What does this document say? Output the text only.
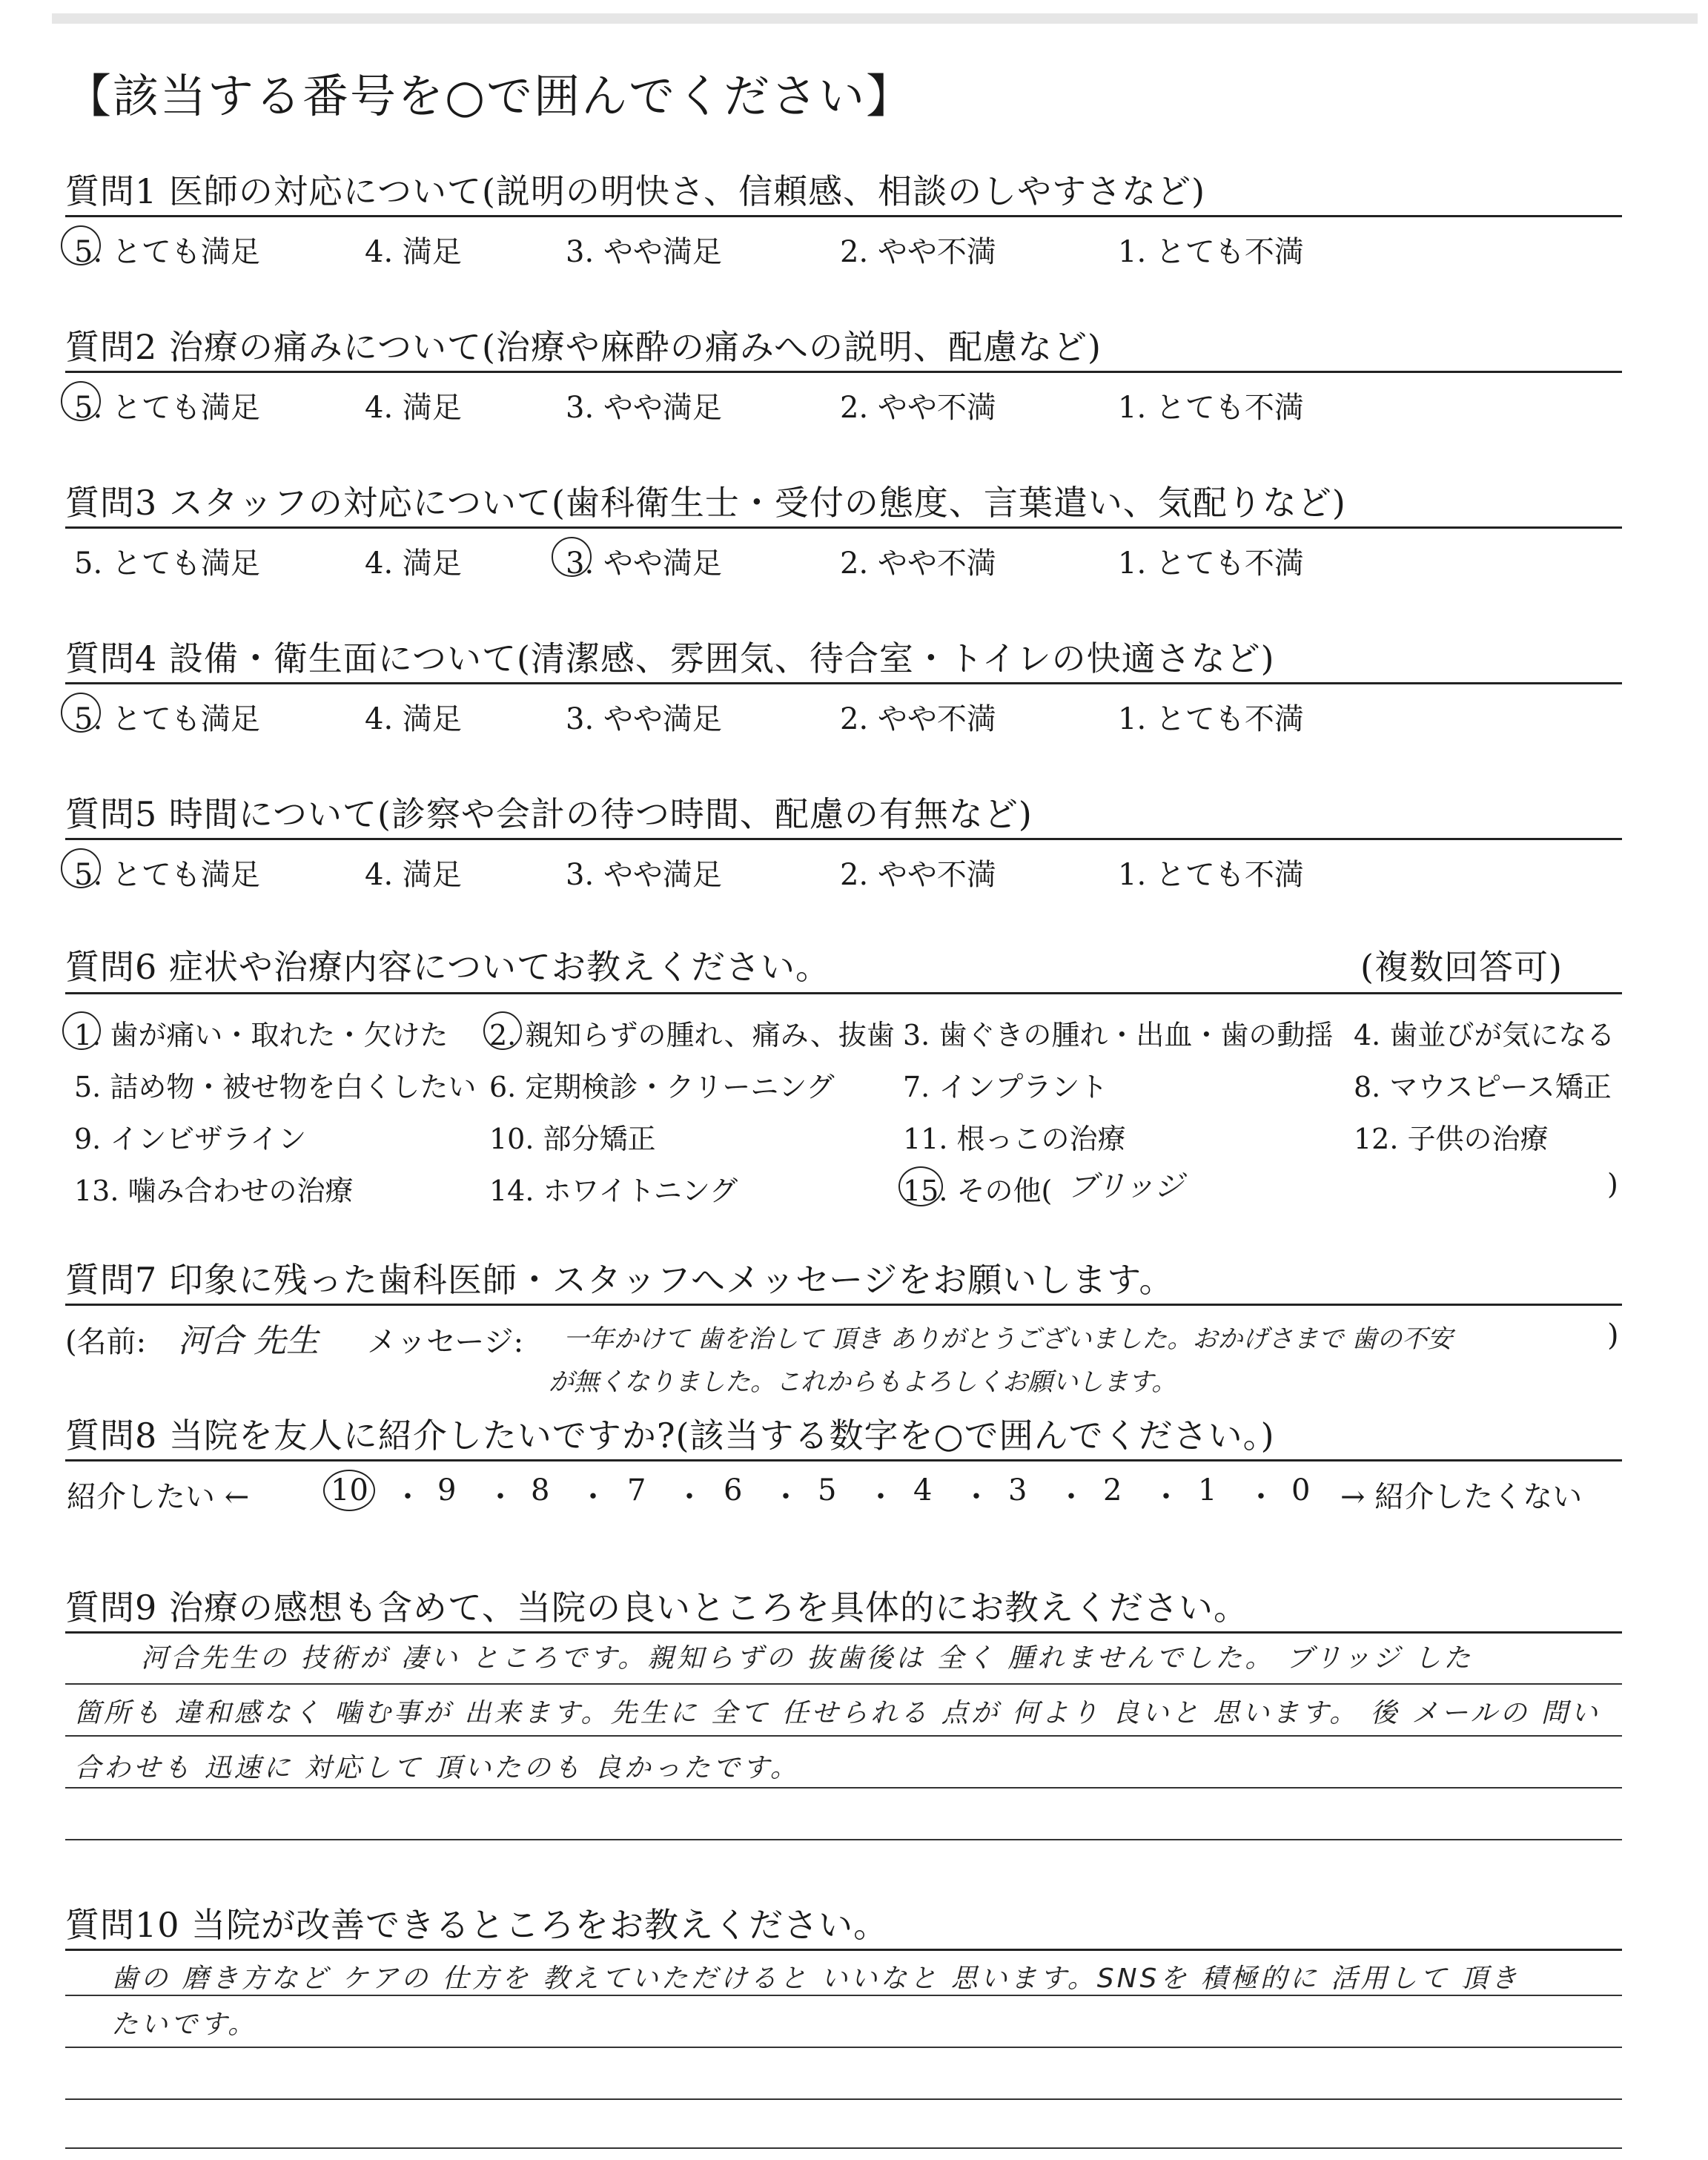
【該当する番号を○で囲んでください】
質問1 医師の対応について(説明の明快さ、信頼感、相談のしやすさなど)
5. とても満足	4. 満足	3. やや満足	2. やや不満	1. とても不満
質問2 治療の痛みについて(治療や麻酔の痛みへの説明、配慮など)
5. とても満足	4. 満足	3. やや満足	2. やや不満	1. とても不満
質問3 スタッフの対応について(歯科衛生士・受付の態度、言葉遣い、気配りなど)
5. とても満足	4. 満足	3. やや満足	2. やや不満	1. とても不満
質問4 設備・衛生面について(清潔感、雰囲気、待合室・トイレの快適さなど)
5. とても満足	4. 満足	3. やや満足	2. やや不満	1. とても不満
質問5 時間について(診察や会計の待つ時間、配慮の有無など)
5. とても満足	4. 満足	3. やや満足	2. やや不満	1. とても不満
質問6 症状や治療内容についてお教えください。	(複数回答可)
1. 歯が痛い・取れた・欠けた 2. 親知らずの腫れ、痛み、抜歯 3. 歯ぐきの腫れ・出血・歯の動揺 4. 歯並びが気になる
5. 詰め物・被せ物を白くしたい 6. 定期検診・クリーニング 7. インプラント	8. マウスピース矯正
9. インビザライン	10. 部分矯正	11. 根っこの治療	12. 子供の治療
13. 噛み合わせの治療	14. ホワイトニング	15. その他( ブリッジ	)
質問7 印象に残った歯科医師・スタッフへメッセージをお願いします。
(名前: 河合 先生 メッセージ: 一年かけて 歯を治して 頂き ありがとうございました。おかげさまで 歯の不安	)
が無くなりました。これからもよろしくお願いします。
質問8 当院を友人に紹介したいですか?(該当する数字を○で囲んでください。)
紹介したい ←	10 ・ 9 ・ 8 ・ 7 ・ 6 ・ 5 ・ 4 ・ 3 ・ 2 ・ 1 ・ 0 → 紹介したくない
質問9 治療の感想も含めて、当院の良いところを具体的にお教えください。
河合先生の 技術が 凄い ところです。親知らずの 抜歯後は 全く 腫れませんでした。 ブリッジ した
箇所も 違和感なく 噛む事が 出来ます。先生に 全て 任せられる 点が 何より 良いと 思います。 後 メールの 問い
合わせも 迅速に 対応して 頂いたのも 良かったです。
質問10 当院が改善できるところをお教えください。
歯の 磨き方など ケアの 仕方を 教えていただけると いいなと 思います。SNSを 積極的に 活用して 頂き
たいです。
